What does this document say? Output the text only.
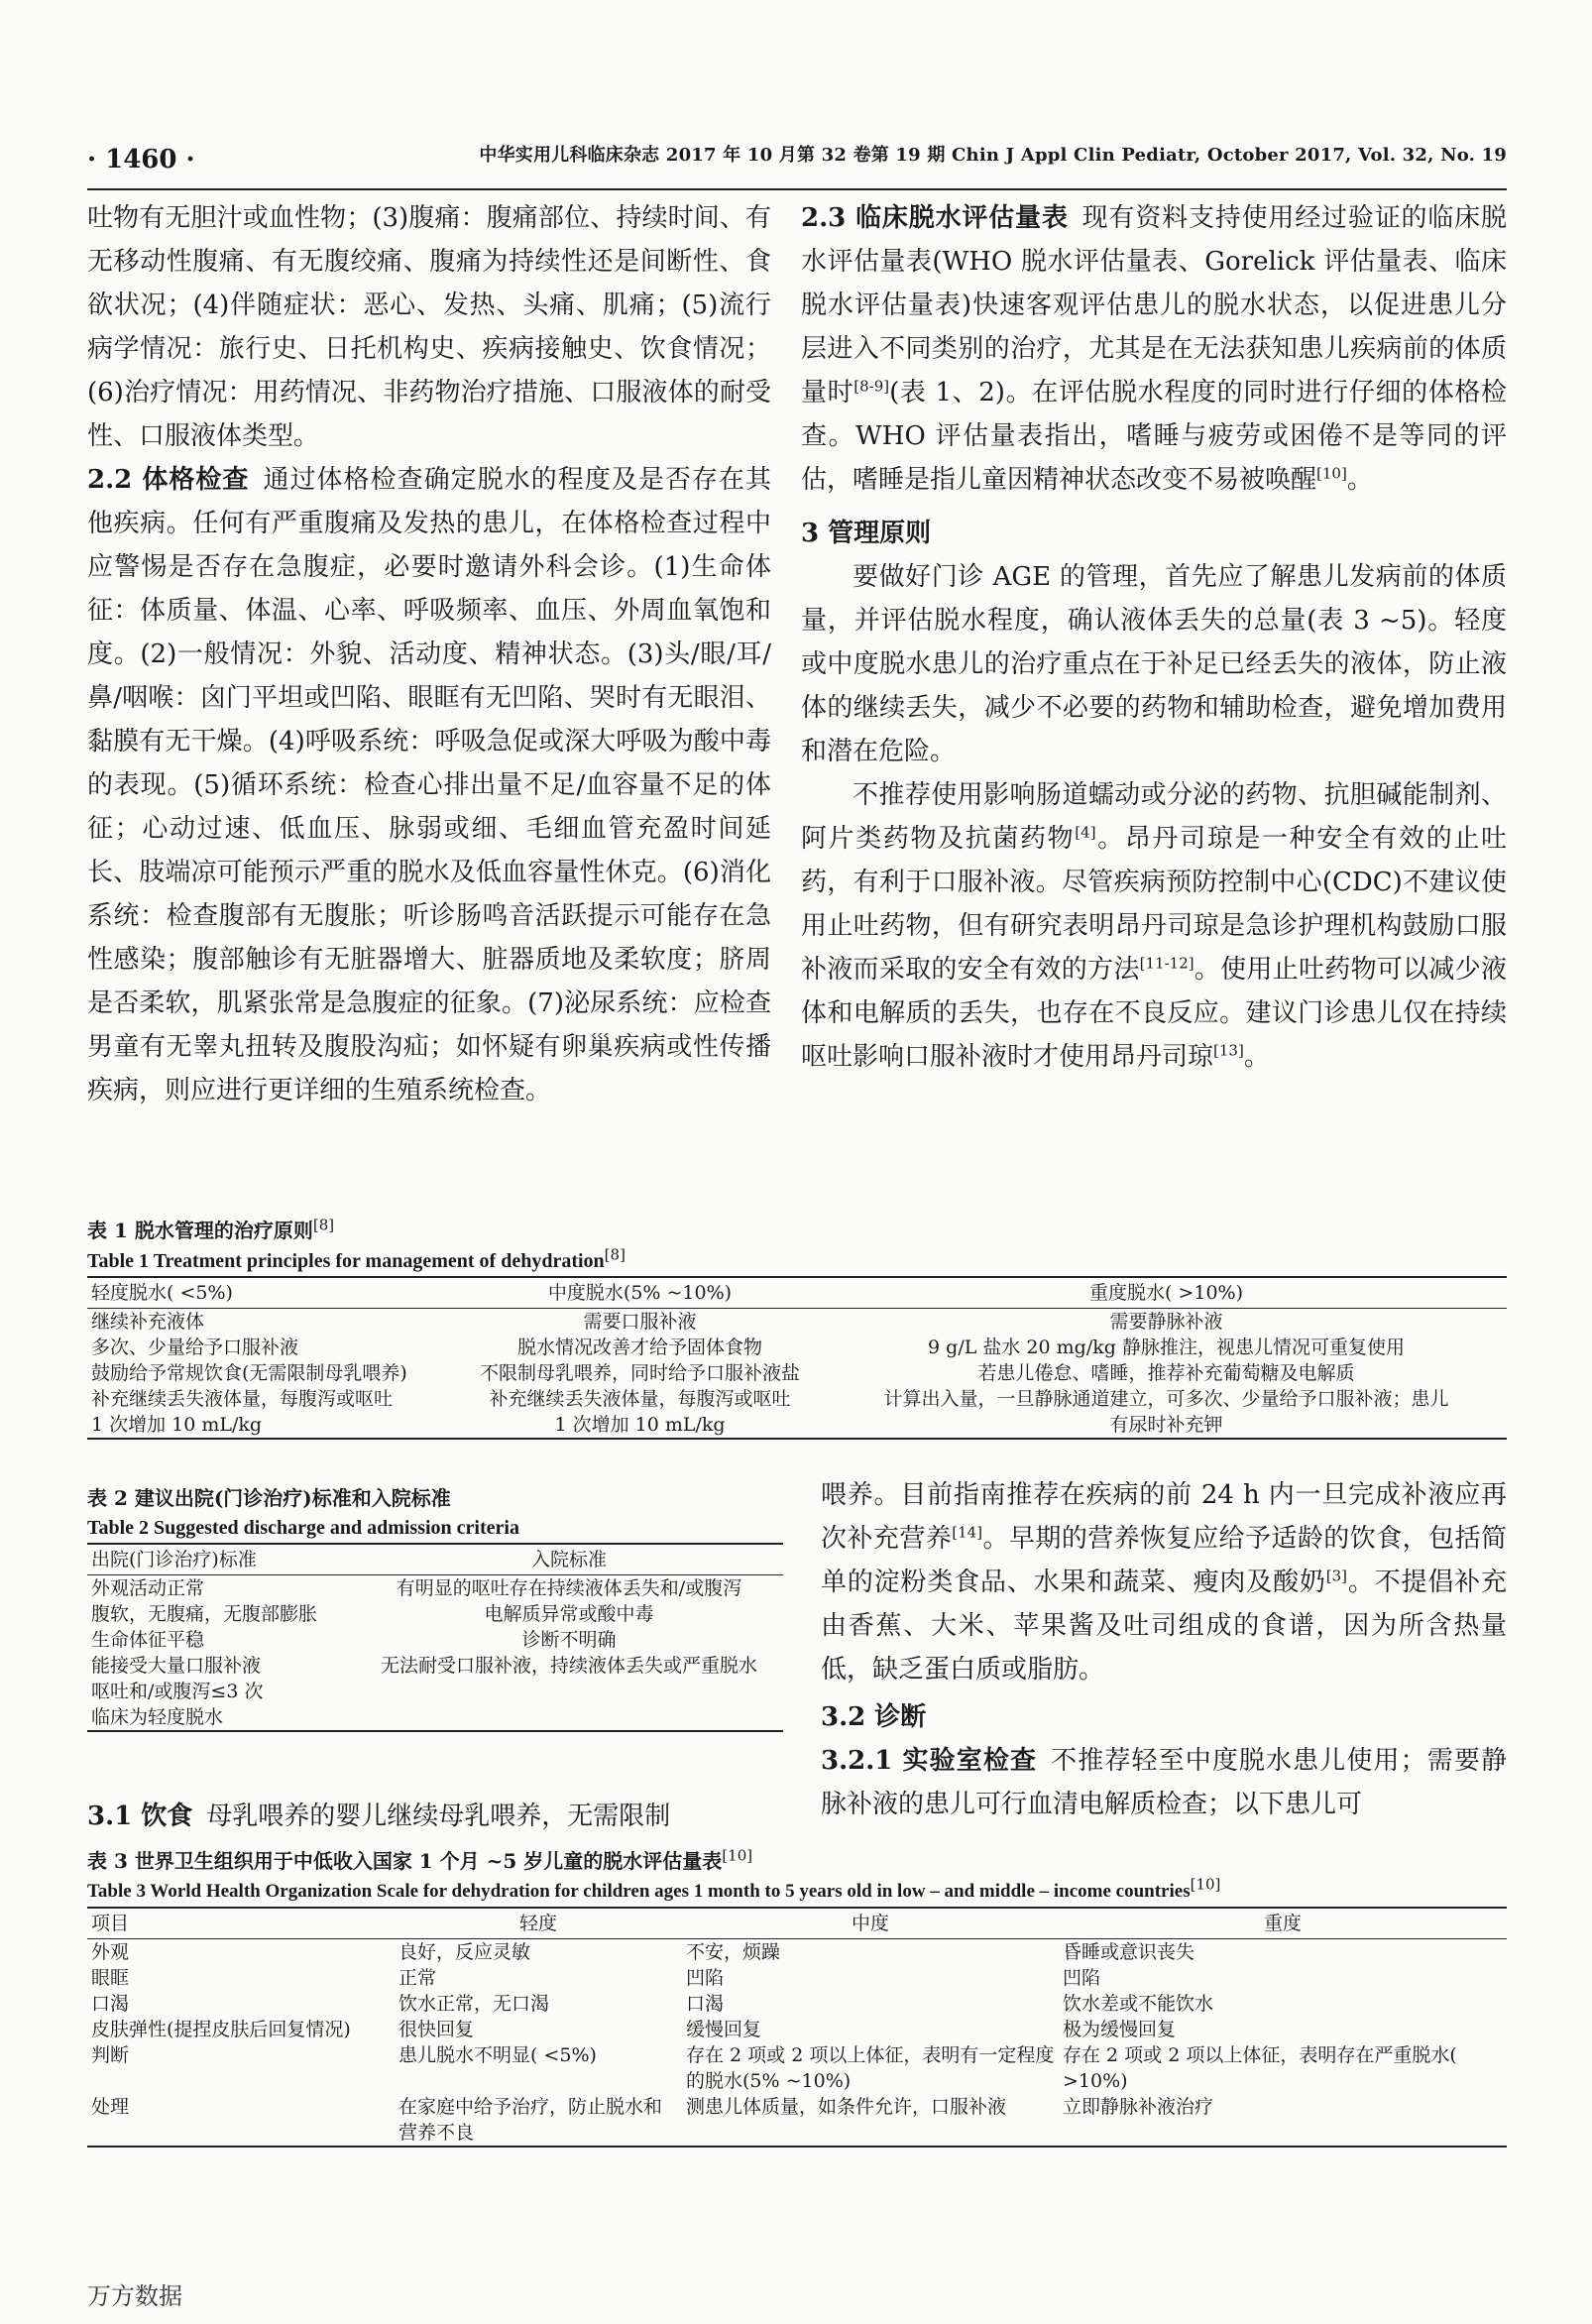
· 1460 ·	中华实用儿科临床杂志 2017 年 10 月第 32 卷第 19 期 Chin J Appl Clin Pediatr, October 2017, Vol. 32, No. 19

吐物有无胆汁或血性物；(3)腹痛：腹痛部位、持续时间、有无移动性腹痛、有无腹绞痛、腹痛为持续性还是间断性、食欲状况；(4)伴随症状：恶心、发热、头痛、肌痛；(5)流行病学情况：旅行史、日托机构史、疾病接触史、饮食情况；(6)治疗情况：用药情况、非药物治疗措施、口服液体的耐受性、口服液体类型。

2.2 体格检查 通过体格检查确定脱水的程度及是否存在其他疾病。任何有严重腹痛及发热的患儿，在体格检查过程中应警惕是否存在急腹症，必要时邀请外科会诊。(1)生命体征：体质量、体温、心率、呼吸频率、血压、外周血氧饱和度。(2)一般情况：外貌、活动度、精神状态。(3)头/眼/耳/鼻/咽喉：囟门平坦或凹陷、眼眶有无凹陷、哭时有无眼泪、黏膜有无干燥。(4)呼吸系统：呼吸急促或深大呼吸为酸中毒的表现。(5)循环系统：检查心排出量不足/血容量不足的体征；心动过速、低血压、脉弱或细、毛细血管充盈时间延长、肢端凉可能预示严重的脱水及低血容量性休克。(6)消化系统：检查腹部有无腹胀；听诊肠鸣音活跃提示可能存在急性感染；腹部触诊有无脏器增大、脏器质地及柔软度；脐周是否柔软，肌紧张常是急腹症的征象。(7)泌尿系统：应检查男童有无睾丸扭转及腹股沟疝；如怀疑有卵巢疾病或性传播疾病，则应进行更详细的生殖系统检查。

2.3 临床脱水评估量表 现有资料支持使用经过验证的临床脱水评估量表(WHO 脱水评估量表、Gorelick 评估量表、临床脱水评估量表)快速客观评估患儿的脱水状态，以促进患儿分层进入不同类别的治疗，尤其是在无法获知患儿疾病前的体质量时[8-9](表 1、2)。在评估脱水程度的同时进行仔细的体格检查。WHO 评估量表指出，嗜睡与疲劳或困倦不是等同的评估，嗜睡是指儿童因精神状态改变不易被唤醒[10]。

3 管理原则

要做好门诊 AGE 的管理，首先应了解患儿发病前的体质量，并评估脱水程度，确认液体丢失的总量(表 3 ~5)。轻度或中度脱水患儿的治疗重点在于补足已经丢失的液体，防止液体的继续丢失，减少不必要的药物和辅助检查，避免增加费用和潜在危险。

不推荐使用影响肠道蠕动或分泌的药物、抗胆碱能制剂、阿片类药物及抗菌药物[4]。昂丹司琼是一种安全有效的止吐药，有利于口服补液。尽管疾病预防控制中心(CDC)不建议使用止吐药物，但有研究表明昂丹司琼是急诊护理机构鼓励口服补液而采取的安全有效的方法[11-12]。使用止吐药物可以减少液体和电解质的丢失，也存在不良反应。建议门诊患儿仅在持续呕吐影响口服补液时才使用昂丹司琼[13]。

表 1 脱水管理的治疗原则[8]
Table 1 Treatment principles for management of dehydration[8]
轻度脱水( <5%)	中度脱水(5% ~10%)	重度脱水( >10%)
继续补充液体	需要口服补液	需要静脉补液
多次、少量给予口服补液	脱水情况改善才给予固体食物	9 g/L 盐水 20 mg/kg 静脉推注，视患儿情况可重复使用
鼓励给予常规饮食(无需限制母乳喂养)	不限制母乳喂养，同时给予口服补液盐	若患儿倦怠、嗜睡，推荐补充葡萄糖及电解质
补充继续丢失液体量，每腹泻或呕吐	补充继续丢失液体量，每腹泻或呕吐	计算出入量，一旦静脉通道建立，可多次、少量给予口服补液；患儿
1 次增加 10 mL/kg	1 次增加 10 mL/kg	有尿时补充钾
表 2 建议出院(门诊治疗)标准和入院标准
Table 2 Suggested discharge and admission criteria
出院(门诊治疗)标准	入院标准
外观活动正常	有明显的呕吐存在持续液体丢失和/或腹泻
腹软，无腹痛，无腹部膨胀	电解质异常或酸中毒
生命体征平稳	诊断不明确
能接受大量口服补液	无法耐受口服补液，持续液体丢失或严重脱水
呕吐和/或腹泻≤3 次	
临床为轻度脱水	

喂养。目前指南推荐在疾病的前 24 h 内一旦完成补液应再次补充营养[14]。早期的营养恢复应给予适龄的饮食，包括简单的淀粉类食品、水果和蔬菜、瘦肉及酸奶[3]。不提倡补充由香蕉、大米、苹果酱及吐司组成的食谱，因为所含热量低，缺乏蛋白质或脂肪。

3.2 诊断

3.2.1 实验室检查 不推荐轻至中度脱水患儿使用；需要静脉补液的患儿可行血清电解质检查；以下患儿可

3.1 饮食 母乳喂养的婴儿继续母乳喂养，无需限制

表 3 世界卫生组织用于中低收入国家 1 个月 ~5 岁儿童的脱水评估量表[10]
Table 3 World Health Organization Scale for dehydration for children ages 1 month to 5 years old in low – and middle – income countries[10]
项目	轻度	中度	重度
外观	良好，反应灵敏	不安，烦躁	昏睡或意识丧失
眼眶	正常	凹陷	凹陷
口渴	饮水正常，无口渴	口渴	饮水差或不能饮水
皮肤弹性(提捏皮肤后回复情况)	很快回复	缓慢回复	极为缓慢回复
判断	患儿脱水不明显( <5%)	存在 2 项或 2 项以上体征，表明有一定程度的脱水(5% ~10%)	存在 2 项或 2 项以上体征，表明存在严重脱水( >10%)
处理	在家庭中给予治疗，防止脱水和营养不良	测患儿体质量，如条件允许，口服补液	立即静脉补液治疗
万方数据
